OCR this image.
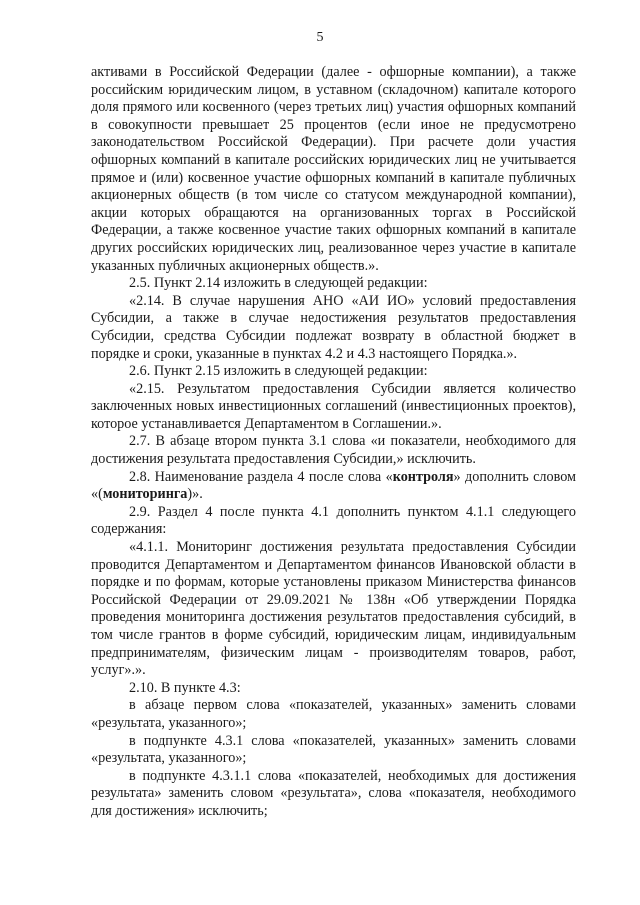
5

активами в Российской Федерации (далее - офшорные компании), а также российским юридическим лицом, в уставном (складочном) капитале которого доля прямого или косвенного (через третьих лиц) участия офшорных компаний в совокупности превышает 25 процентов (если иное не предусмотрено законодательством Российской Федерации). При расчете доли участия офшорных компаний в капитале российских юридических лиц не учитывается прямое и (или) косвенное участие офшорных компаний в капитале публичных акционерных обществ (в том числе со статусом международной компании), акции которых обращаются на организованных торгах в Российской Федерации, а также косвенное участие таких офшорных компаний в капитале других российских юридических лиц, реализованное через участие в капитале указанных публичных акционерных обществ.».

2.5. Пункт 2.14 изложить в следующей редакции:

«2.14. В случае нарушения АНО «АИ ИО» условий предоставления Субсидии, а также в случае недостижения результатов предоставления Субсидии, средства Субсидии подлежат возврату в областной бюджет в порядке и сроки, указанные в пунктах 4.2 и 4.3 настоящего Порядка.».

2.6. Пункт 2.15 изложить в следующей редакции:

«2.15. Результатом предоставления Субсидии является количество заключенных новых инвестиционных соглашений (инвестиционных проектов), которое устанавливается Департаментом в Соглашении.».

2.7. В абзаце втором пункта 3.1 слова «и показатели, необходимого для достижения результата предоставления Субсидии,» исключить.

2.8. Наименование раздела 4 после слова «контроля» дополнить словом «(мониторинга)».

2.9. Раздел 4 после пункта 4.1 дополнить пунктом 4.1.1 следующего содержания:

«4.1.1. Мониторинг достижения результата предоставления Субсидии проводится Департаментом и Департаментом финансов Ивановской области в порядке и по формам, которые установлены приказом Министерства финансов Российской Федерации от 29.09.2021 № 138н «Об утверждении Порядка проведения мониторинга достижения результатов предоставления субсидий, в том числе грантов в форме субсидий, юридическим лицам, индивидуальным предпринимателям, физическим лицам - производителям товаров, работ, услуг».».

2.10. В пункте 4.3:

в абзаце первом слова «показателей, указанных» заменить словами «результата, указанного»;

в подпункте 4.3.1 слова «показателей, указанных» заменить словами «результата, указанного»;

в подпункте 4.3.1.1 слова «показателей, необходимых для достижения результата» заменить словом «результата», слова «показателя, необходимого для достижения» исключить;
